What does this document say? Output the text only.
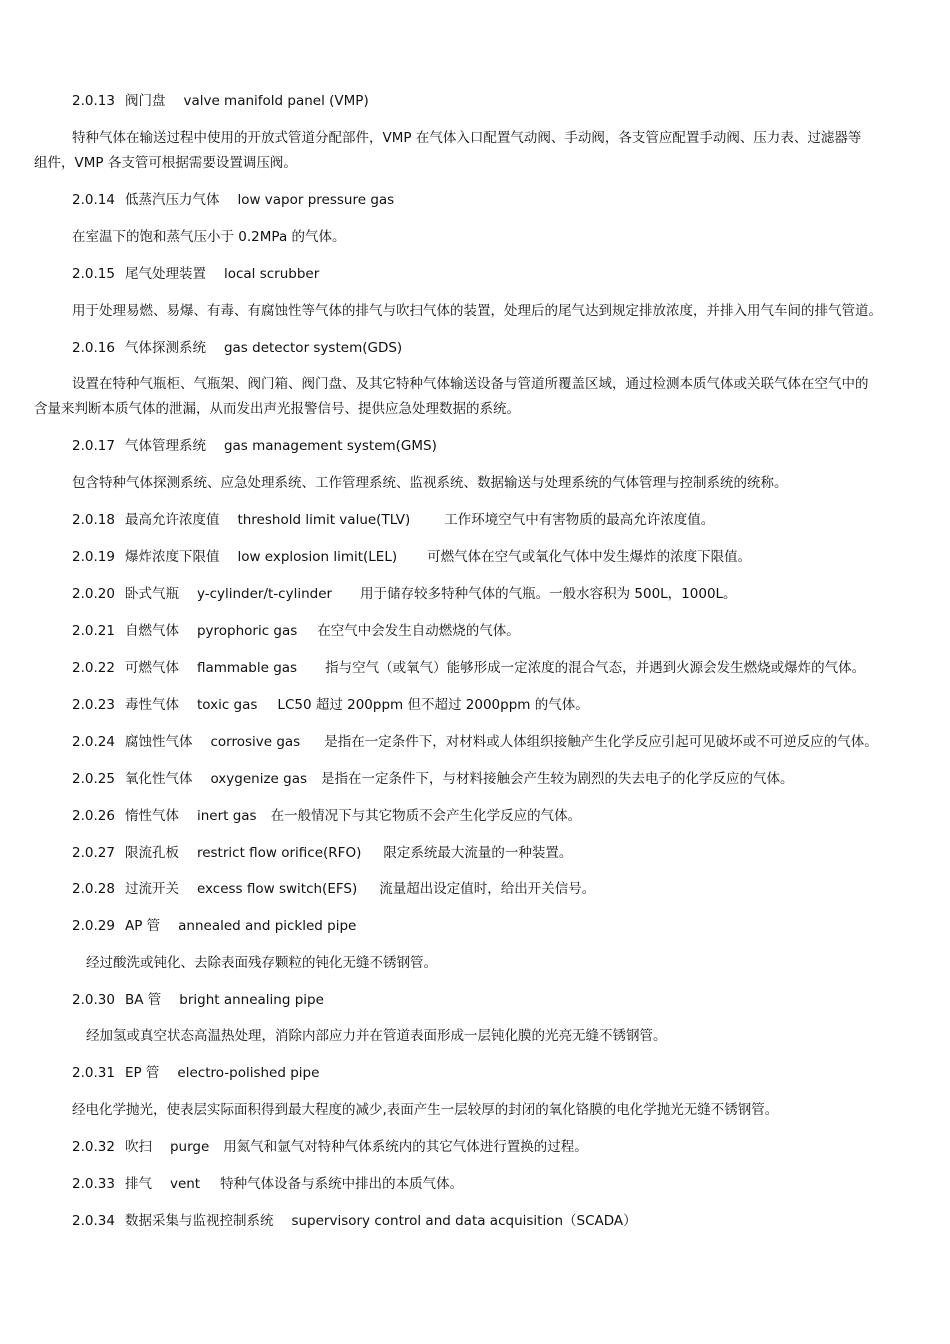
2.0.13 阀门盘 valve manifold panel (VMP)
特种气体在输送过程中使用的开放式管道分配部件，VMP 在气体入口配置气动阀、手动阀，各支管应配置手动阀、压力表、过滤器等
组件，VMP 各支管可根据需要设置调压阀。
2.0.14 低蒸汽压力气体 low vapor pressure gas
在室温下的饱和蒸气压小于 0.2MPa 的气体。
2.0.15 尾气处理装置 local scrubber
用于处理易燃、易爆、有毒、有腐蚀性等气体的排气与吹扫气体的装置，处理后的尾气达到规定排放浓度，并排入用气车间的排气管道。
2.0.16 气体探测系统 gas detector system(GDS)
设置在特种气瓶柜、气瓶架、阀门箱、阀门盘、及其它特种气体输送设备与管道所覆盖区域，通过检测本质气体或关联气体在空气中的
含量来判断本质气体的泄漏，从而发出声光报警信号、提供应急处理数据的系统。
2.0.17 气体管理系统 gas management system(GMS)
包含特种气体探测系统、应急处理系统、工作管理系统、监视系统、数据输送与处理系统的气体管理与控制系统的统称。
2.0.18 最高允许浓度值 threshold limit value(TLV)	工作环境空气中有害物质的最高允许浓度值。
2.0.19 爆炸浓度下限值 low explosion limit(LEL) 可燃气体在空气或氧化气体中发生爆炸的浓度下限值。
2.0.20 卧式气瓶 y-cylinder/t-cylinder 用于储存较多特种气体的气瓶。一般水容积为 500L，1000L。
2.0.21 自燃气体 pyrophoric gas 在空气中会发生自动燃烧的气体。
2.0.22 可燃气体 flammable gas 指与空气（或氧气）能够形成一定浓度的混合气态，并遇到火源会发生燃烧或爆炸的气体。
2.0.23 毒性气体 toxic gas LC50 超过 200ppm 但不超过 2000ppm 的气体。
2.0.24 腐蚀性气体 corrosive gas 是指在一定条件下，对材料或人体组织接触产生化学反应引起可见破坏或不可逆反应的气体。
2.0.25 氧化性气体 oxygenize gas 是指在一定条件下，与材料接触会产生较为剧烈的失去电子的化学反应的气体。
2.0.26 惰性气体 inert gas 在一般情况下与其它物质不会产生化学反应的气体。
2.0.27 限流孔板 restrict flow orifice(RFO) 限定系统最大流量的一种装置。
2.0.28 过流开关 excess flow switch(EFS) 流量超出设定值时，给出开关信号。
2.0.29 AP 管 annealed and pickled pipe
经过酸洗或钝化、去除表面残存颗粒的钝化无缝不锈钢管。
2.0.30 BA 管 bright annealing pipe
经加氢或真空状态高温热处理，消除内部应力并在管道表面形成一层钝化膜的光亮无缝不锈钢管。
2.0.31 EP 管 electro-polished pipe
经电化学抛光，使表层实际面积得到最大程度的减少,表面产生一层较厚的封闭的氧化铬膜的电化学抛光无缝不锈钢管。
2.0.32 吹扫 purge 用氮气和氩气对特种气体系统内的其它气体进行置换的过程。
2.0.33 排气 vent 特种气体设备与系统中排出的本质气体。
2.0.34 数据采集与监视控制系统 supervisory control and data acquisition（SCADA）
